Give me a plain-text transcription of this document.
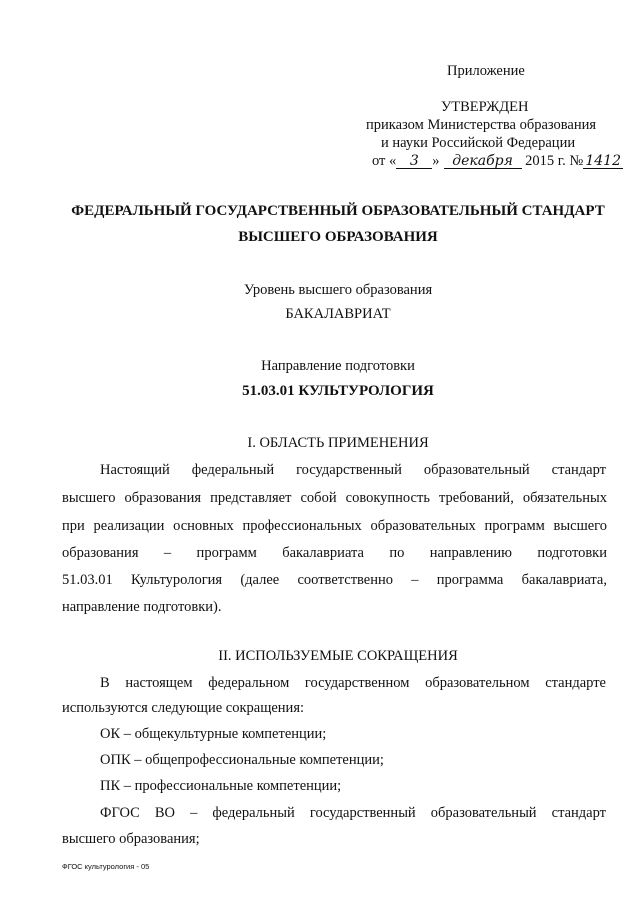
Приложение
УТВЕРЖДЕН
приказом Министерства образования
и науки Российской Федерации
от « 3 » декабря 2015 г. № 1412
ФЕДЕРАЛЬНЫЙ ГОСУДАРСТВЕННЫЙ ОБРАЗОВАТЕЛЬНЫЙ СТАНДАРТ
ВЫСШЕГО ОБРАЗОВАНИЯ
Уровень высшего образования
БАКАЛАВРИАТ
Направление подготовки
51.03.01 КУЛЬТУРОЛОГИЯ
I. ОБЛАСТЬ ПРИМЕНЕНИЯ
Настоящий федеральный государственный образовательный стандарт
высшего образования представляет собой совокупность требований, обязательных
при реализации основных профессиональных образовательных программ высшего
образования – программ бакалавриата по направлению подготовки
51.03.01 Культурология (далее соответственно – программа бакалавриата,
направление подготовки).
II. ИСПОЛЬЗУЕМЫЕ СОКРАЩЕНИЯ
В настоящем федеральном государственном образовательном стандарте
используются следующие сокращения:
ОК – общекультурные компетенции;
ОПК – общепрофессиональные компетенции;
ПК – профессиональные компетенции;
ФГОС ВО – федеральный государственный образовательный стандарт
высшего образования;
ФГОС культурология - 05
